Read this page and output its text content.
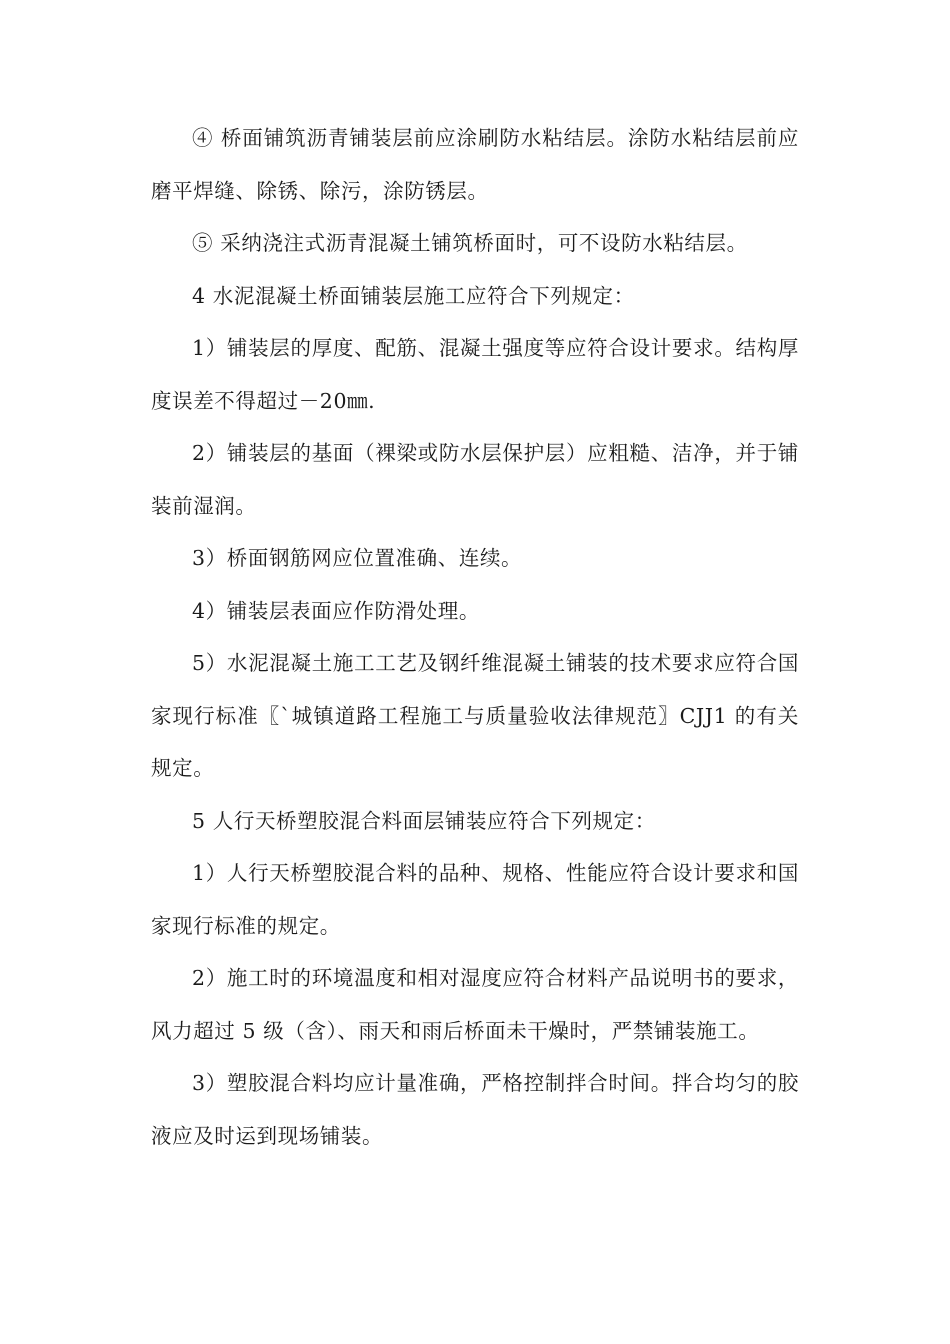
④ 桥面铺筑沥青铺装层前应涂刷防水粘结层。涂防水粘结层前应磨平焊缝、除锈、除污，涂防锈层。

⑤ 采纳浇注式沥青混凝土铺筑桥面时，可不设防水粘结层。

4 水泥混凝土桥面铺装层施工应符合下列规定：

1）铺装层的厚度、配筋、混凝土强度等应符合设计要求。结构厚度误差不得超过－20㎜.

2）铺装层的基面（裸梁或防水层保护层）应粗糙、洁净，并于铺装前湿润。

3）桥面钢筋网应位置准确、连续。

4）铺装层表面应作防滑处理。

5）水泥混凝土施工工艺及钢纤维混凝土铺装的技术要求应符合国家现行标准〖`城镇道路工程施工与质量验收法律规范〗CJJ1 的有关规定。

5 人行天桥塑胶混合料面层铺装应符合下列规定：

1）人行天桥塑胶混合料的品种、规格、性能应符合设计要求和国家现行标准的规定。

2）施工时的环境温度和相对湿度应符合材料产品说明书的要求，风力超过 5 级（含）、雨天和雨后桥面未干燥时，严禁铺装施工。

3）塑胶混合料均应计量准确，严格控制拌合时间。拌合均匀的胶液应及时运到现场铺装。
